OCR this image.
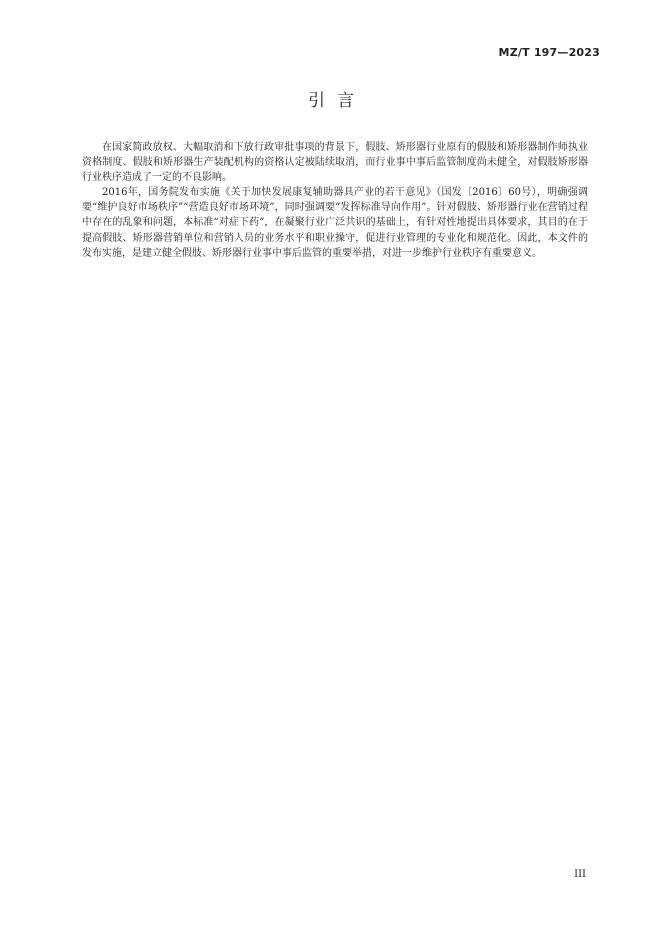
MZ/T 197—2023
引言

在国家简政放权、大幅取消和下放行政审批事项的背景下，假肢、矫形器行业原有的假肢和矫形器制作师执业资格制度、假肢和矫形器生产装配机构的资格认定被陆续取消，而行业事中事后监管制度尚未健全，对假肢矫形器行业秩序造成了一定的不良影响。

2016年，国务院发布实施《关于加快发展康复辅助器具产业的若干意见》（国发〔2016〕60号），明确强调要“维护良好市场秩序”“营造良好市场环境”，同时强调要“发挥标准导向作用”。针对假肢、矫形器行业在营销过程中存在的乱象和问题，本标准“对症下药”，在凝聚行业广泛共识的基础上，有针对性地提出具体要求，其目的在于提高假肢、矫形器营销单位和营销人员的业务水平和职业操守，促进行业管理的专业化和规范化。因此，本文件的发布实施，是建立健全假肢、矫形器行业事中事后监管的重要举措，对进一步维护行业秩序有重要意义。

III
